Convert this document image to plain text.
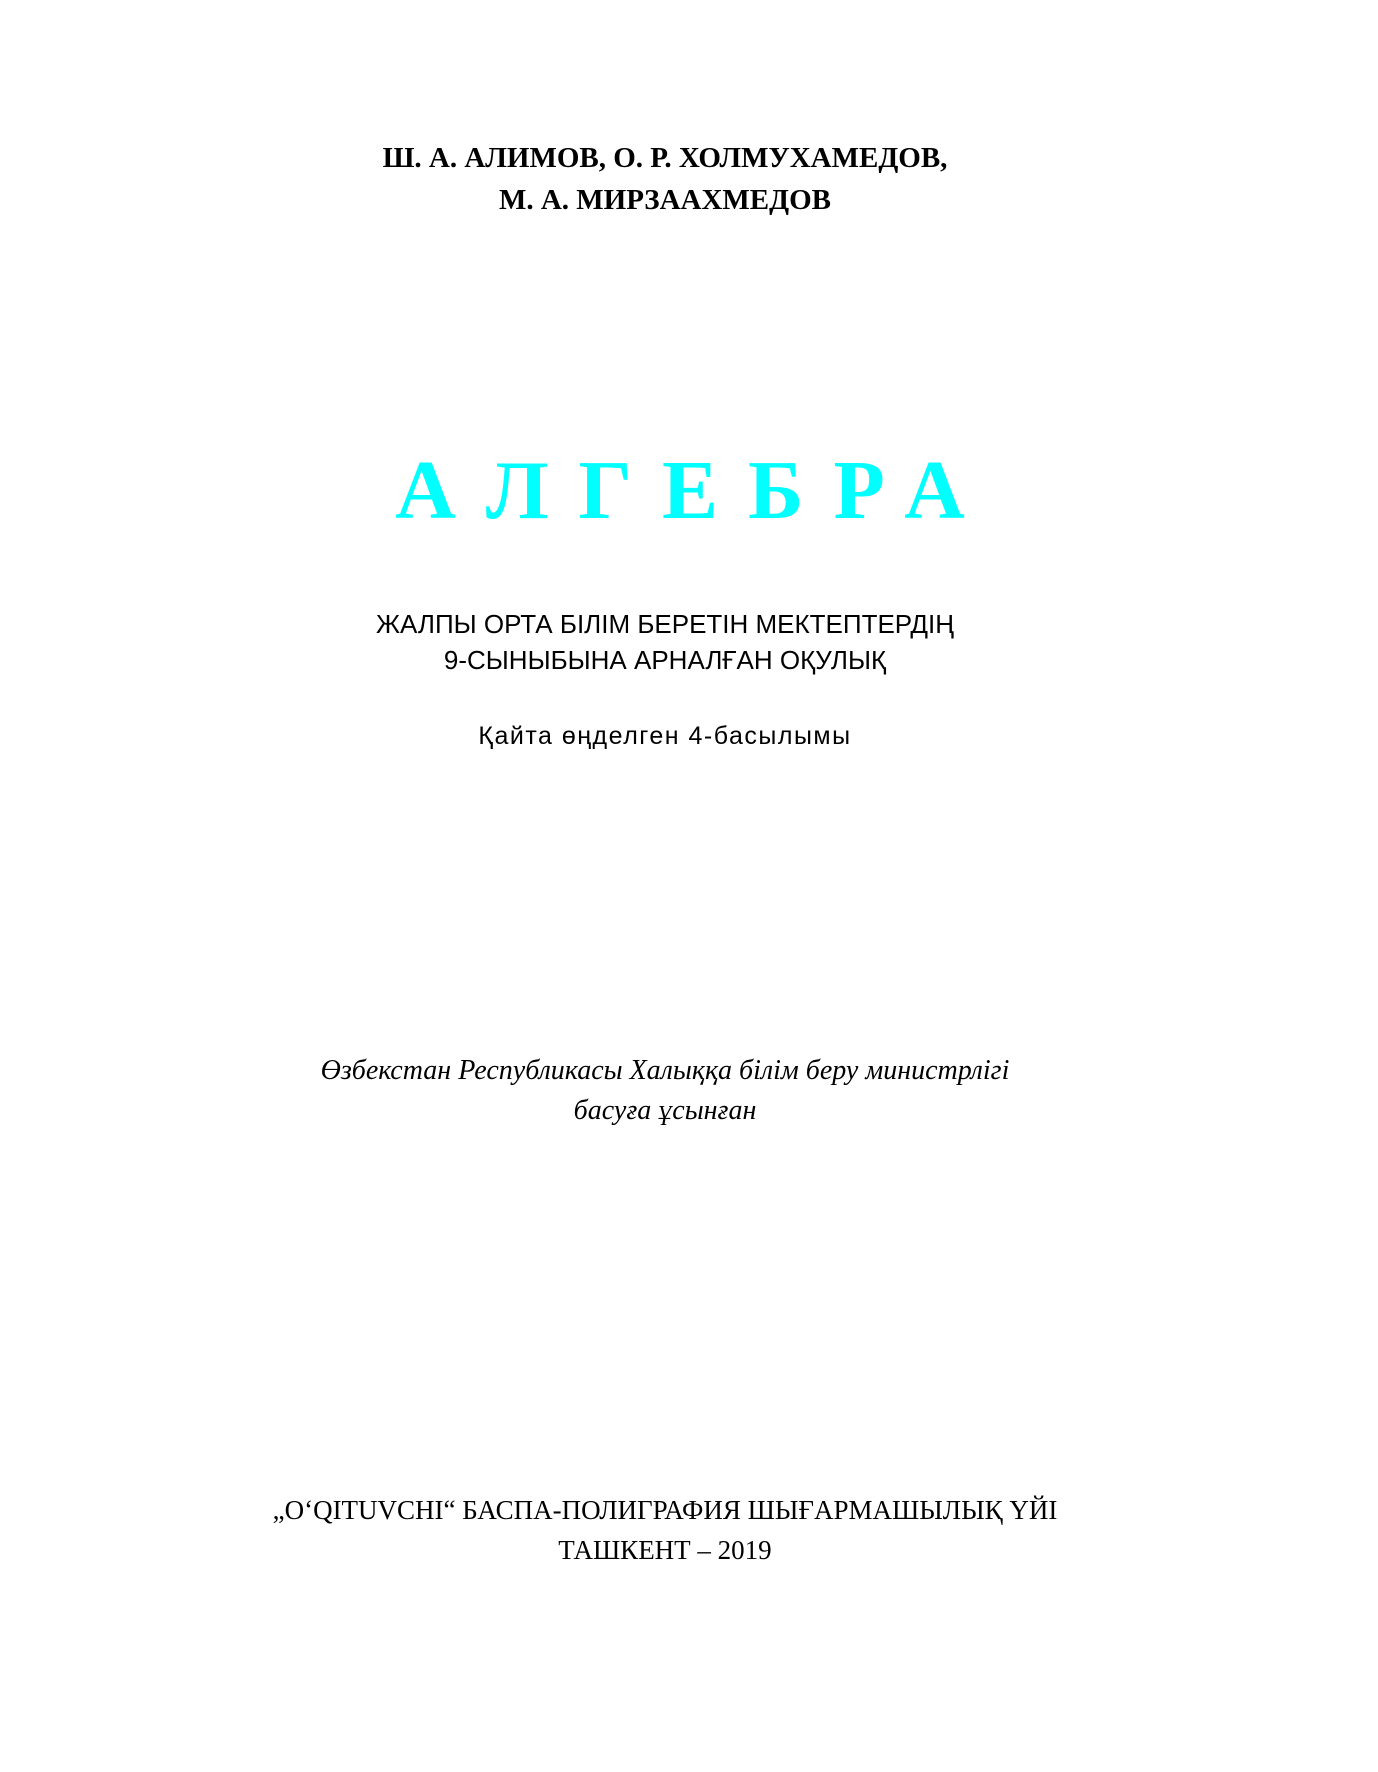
Ш. А. АЛИМОВ, О. Р. ХОЛМУХАМЕДОВ,
М. А. МИРЗААХМЕДОВ
АЛГЕБРА
ЖАЛПЫ ОРТА БІЛІМ БЕРЕТІН МЕКТЕПТЕРДІҢ
9-СЫНЫБЫНА АРНАЛҒАН ОҚУЛЫҚ
Қайта өңделген 4-басылымы
Өзбекстан Республикасы Халыққа білім беру министрлігі
басуға ұсынған
„O‘QITUVCHI“ БАСПА-ПОЛИГРАФИЯ ШЫҒАРМАШЫЛЫҚ ҮЙІ
ТАШКЕНТ – 2019
